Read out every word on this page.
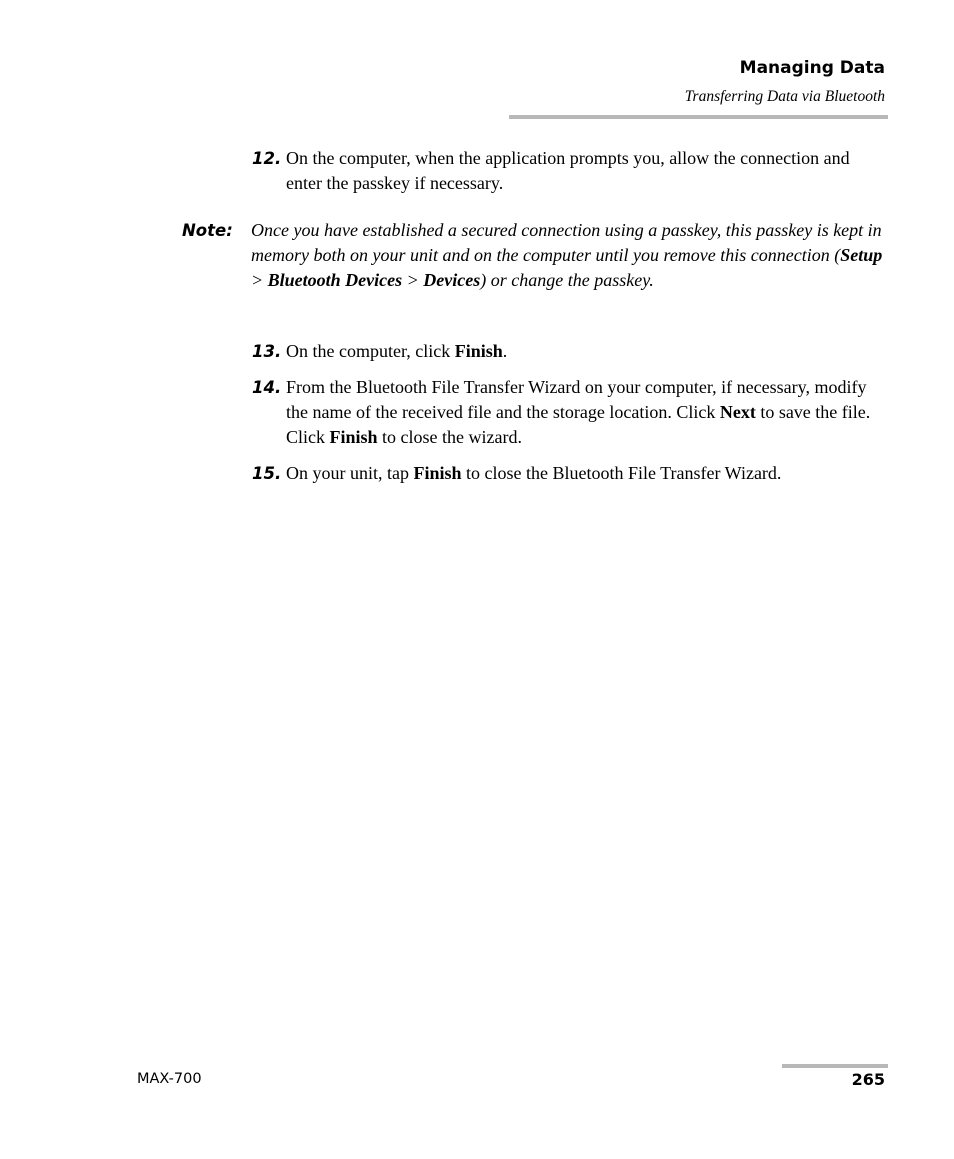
Managing Data
Transferring Data via Bluetooth
12. On the computer, when the application prompts you, allow the connection and enter the passkey if necessary.
Note: Once you have established a secured connection using a passkey, this passkey is kept in memory both on your unit and on the computer until you remove this connection (Setup > Bluetooth Devices > Devices) or change the passkey.
13. On the computer, click Finish.
14. From the Bluetooth File Transfer Wizard on your computer, if necessary, modify the name of the received file and the storage location. Click Next to save the file. Click Finish to close the wizard.
15. On your unit, tap Finish to close the Bluetooth File Transfer Wizard.
MAX-700	265
